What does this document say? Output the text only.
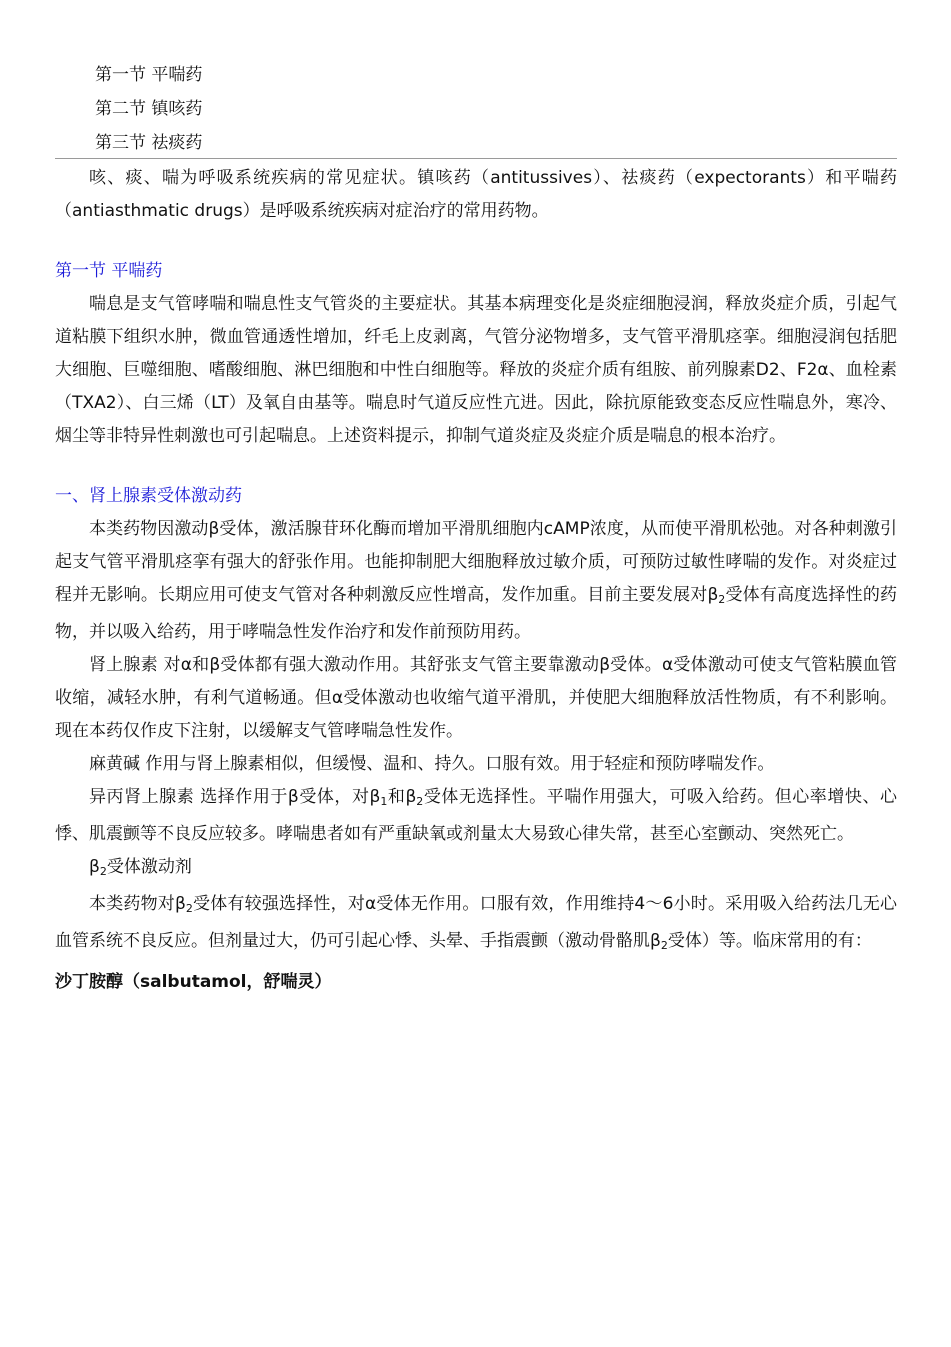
第一节 平喘药
第二节 镇咳药
第三节 祛痰药

咳、痰、喘为呼吸系统疾病的常见症状。镇咳药（antitussives）、祛痰药（expectorants）和平喘药（antiasthmatic drugs）是呼吸系统疾病对症治疗的常用药物。

第一节 平喘药

喘息是支气管哮喘和喘息性支气管炎的主要症状。其基本病理变化是炎症细胞浸润，释放炎症介质，引起气道粘膜下组织水肿，微血管通透性增加，纤毛上皮剥离，气管分泌物增多，支气管平滑肌痉挛。细胞浸润包括肥大细胞、巨噬细胞、嗜酸细胞、淋巴细胞和中性白细胞等。释放的炎症介质有组胺、前列腺素D2、F2α、血栓素（TXA2）、白三烯（LT）及氧自由基等。喘息时气道反应性亢进。因此，除抗原能致变态反应性喘息外，寒冷、烟尘等非特异性刺激也可引起喘息。上述资料提示，抑制气道炎症及炎症介质是喘息的根本治疗。

一、肾上腺素受体激动药

本类药物因激动β受体，激活腺苷环化酶而增加平滑肌细胞内cAMP浓度，从而使平滑肌松弛。对各种刺激引起支气管平滑肌痉挛有强大的舒张作用。也能抑制肥大细胞释放过敏介质，可预防过敏性哮喘的发作。对炎症过程并无影响。长期应用可使支气管对各种刺激反应性增高，发作加重。目前主要发展对$\beta_2$受体有高度选择性的药物，并以吸入给药，用于哮喘急性发作治疗和发作前预防用药。

肾上腺素 对α和β受体都有强大激动作用。其舒张支气管主要靠激动β受体。α受体激动可使支气管粘膜血管收缩，减轻水肿，有利气道畅通。但α受体激动也收缩气道平滑肌，并使肥大细胞释放活性物质，有不利影响。现在本药仅作皮下注射，以缓解支气管哮喘急性发作。

麻黄碱 作用与肾上腺素相似，但缓慢、温和、持久。口服有效。用于轻症和预防哮喘发作。

异丙肾上腺素 选择作用于β受体，对$\beta_1$和$\beta_2$受体无选择性。平喘作用强大，可吸入给药。但心率增快、心悸、肌震颤等不良反应较多。哮喘患者如有严重缺氧或剂量太大易致心律失常，甚至心室颤动、突然死亡。

$\beta_2$受体激动剂

本类药物对$\beta_2$受体有较强选择性，对α受体无作用。口服有效，作用维持4～6小时。采用吸入给药法几无心血管系统不良反应。但剂量过大，仍可引起心悸、头晕、手指震颤（激动骨骼肌$\beta_2$受体）等。临床常用的有：

沙丁胺醇（salbutamol，舒喘灵）
